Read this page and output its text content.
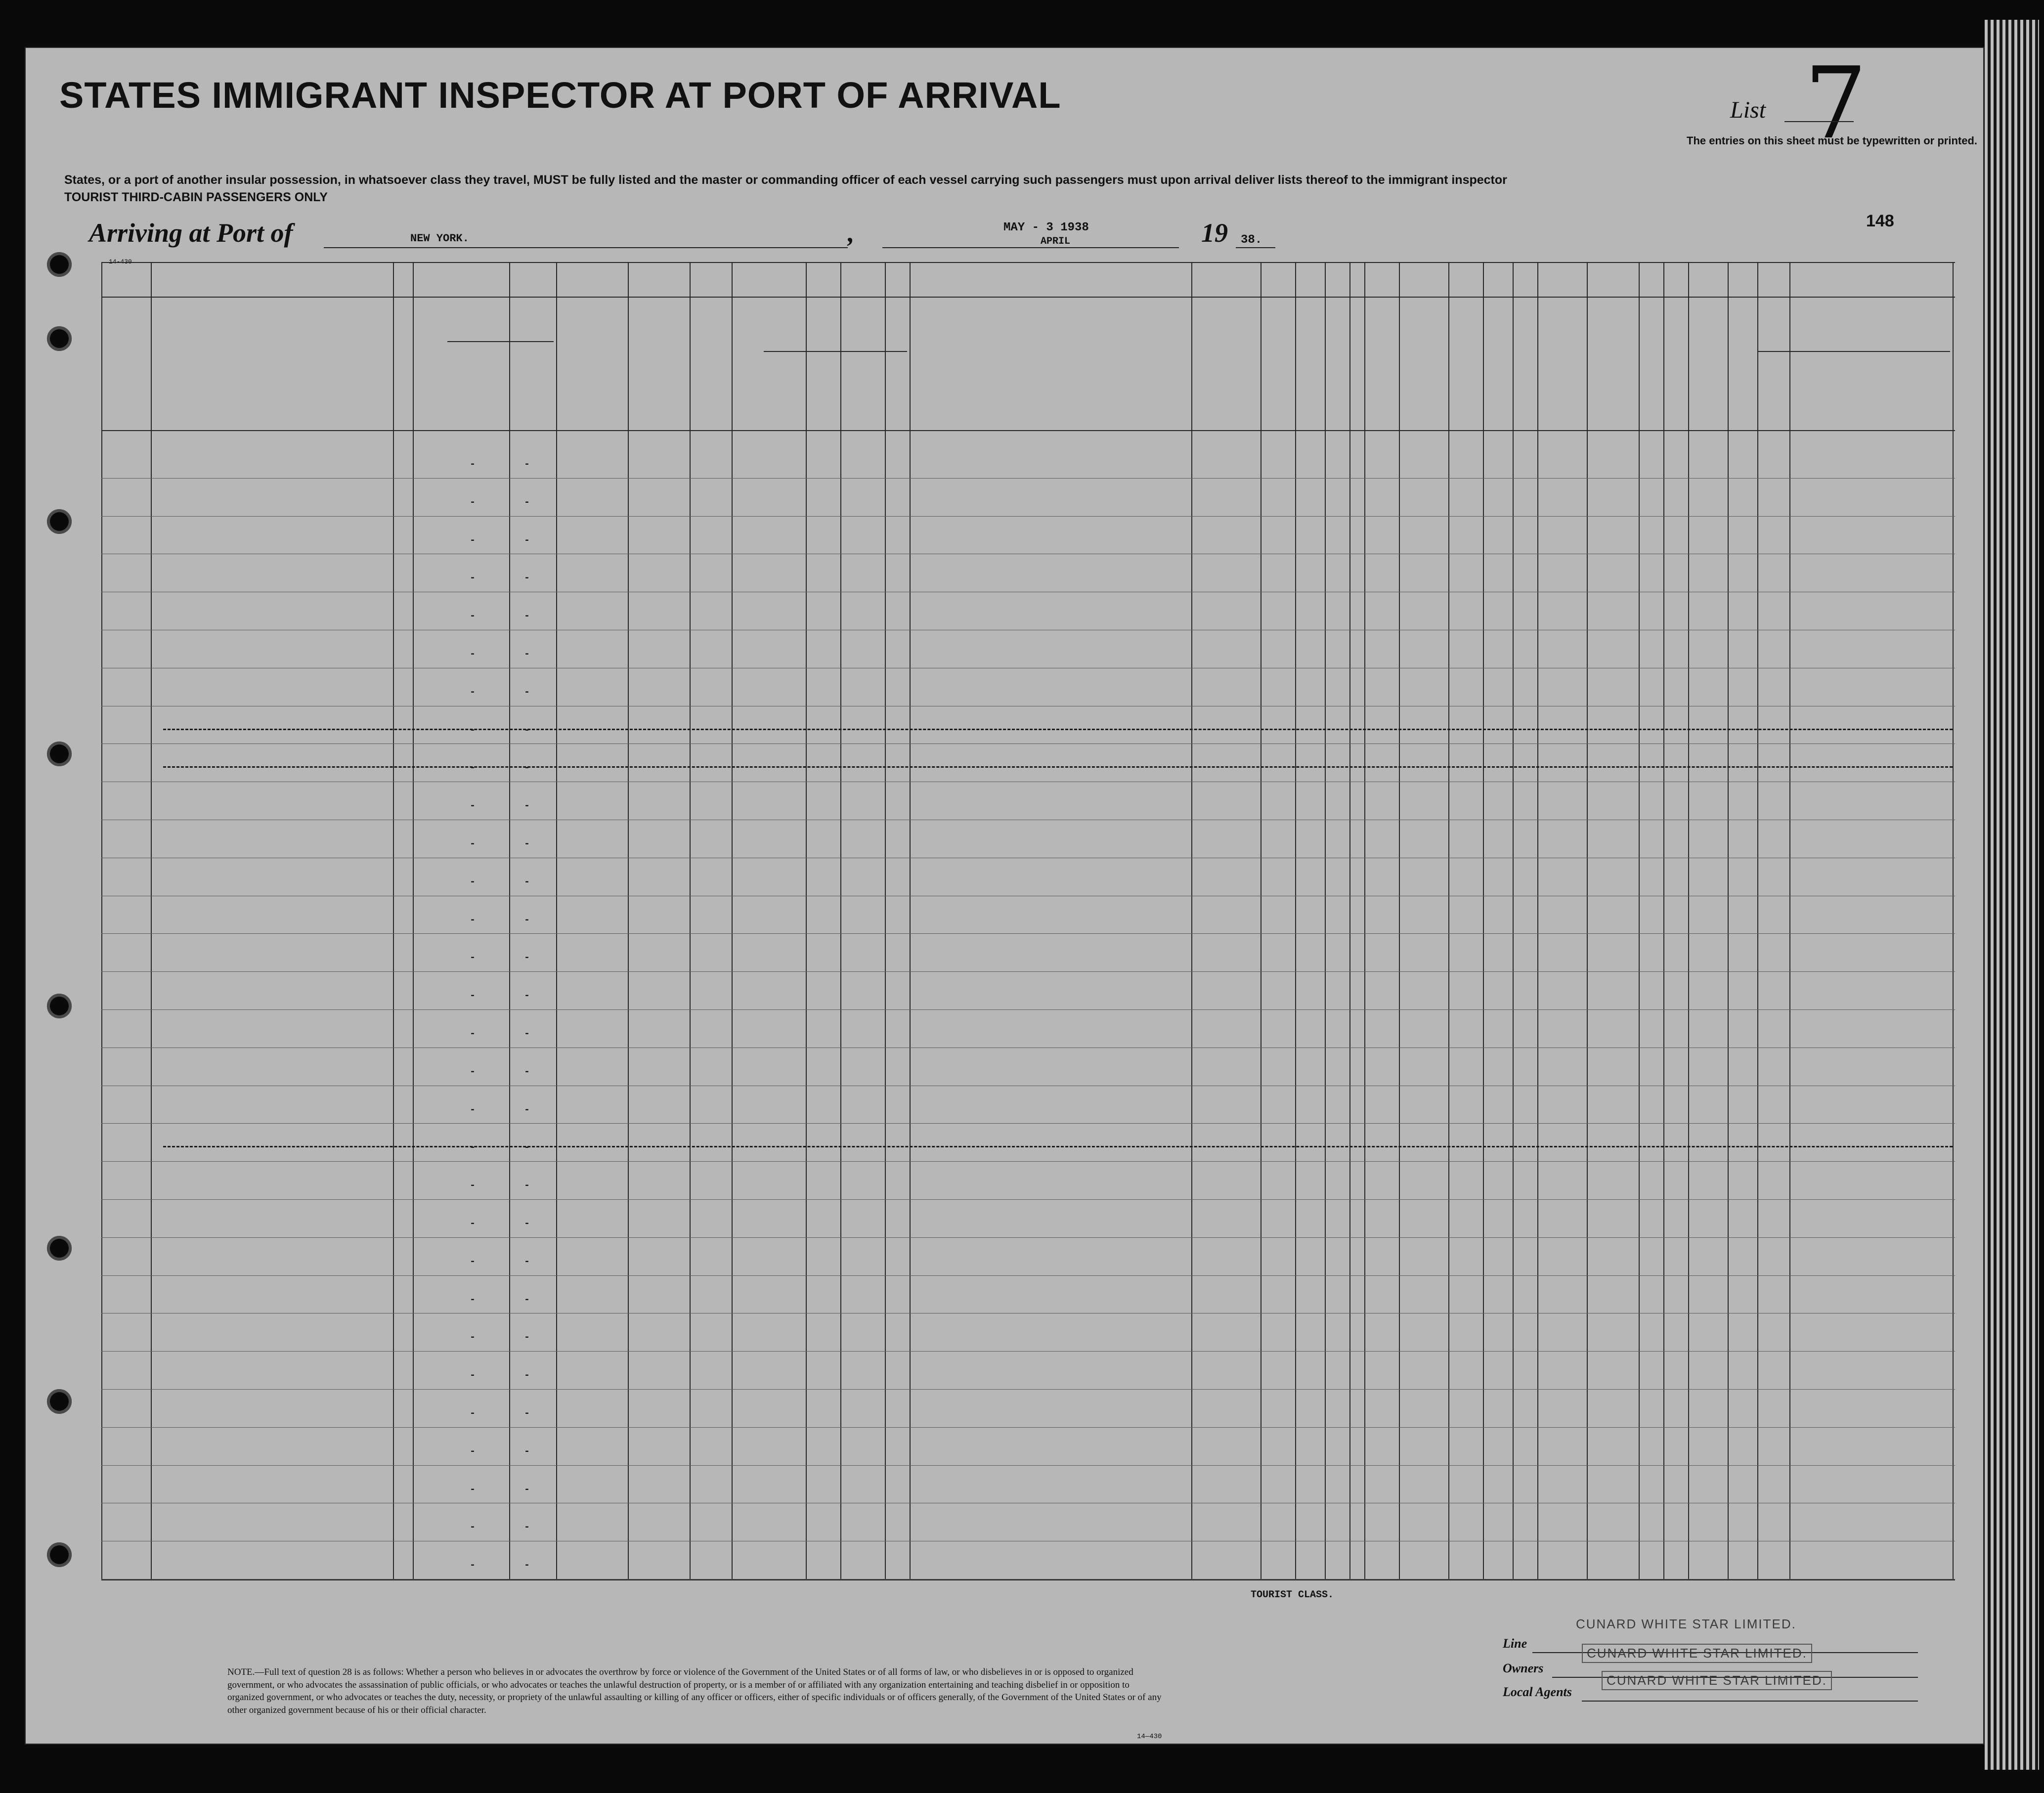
14-430
STATES IMMIGRANT INSPECTOR AT PORT OF ARRIVAL
States, or a port of another insular possession, in whatsoever class they travel, MUST be fully listed and the master or commanding officer of each vessel carrying such passengers must upon arrival deliver lists thereof to the immigrant inspector
TOURIST THIRD-CABIN PASSENGERS ONLY
Arriving at Port of	NEW YORK.	,	MAY - 3 1938
APRIL	19 38.
List 7
The entries on this sheet must be typewritten or printed.
148
TOURIST CLASS.
NOTE.—Full text of question 28 is as follows: Whether a person who believes in or advocates the overthrow by force or violence of the Government of the United States or of all forms of law, or who disbelieves in or is opposed to organized government, or who advocates the assassination of public officials, or who advocates or teaches the unlawful destruction of property, or is a member of or affiliated with any organization entertaining and teaching disbelief in or opposition to organized government, or who advocates or teaches the duty, necessity, or propriety of the unlawful assaulting or killing of any officer or officers, either of specific individuals or of officers generally, of the Government of the United States or of any other organized government because of his or their official character.
14—430
Line
CUNARD WHITE STAR LIMITED.
Owners
CUNARD WHITE STAR LIMITED.
Local Agents
CUNARD WHITE STAR LIMITED.
-	-
-	-
-	-
-	-
-	-
-	-
-	-
-	-
-	-
-	-
-	-
-	-
-	-
-	-
-	-
-	-
-	-
-	-
-	-
-	-
-	-
-	-
-	-
-	-
-	-
-	-
-	-
-	-
-	-
-	-
